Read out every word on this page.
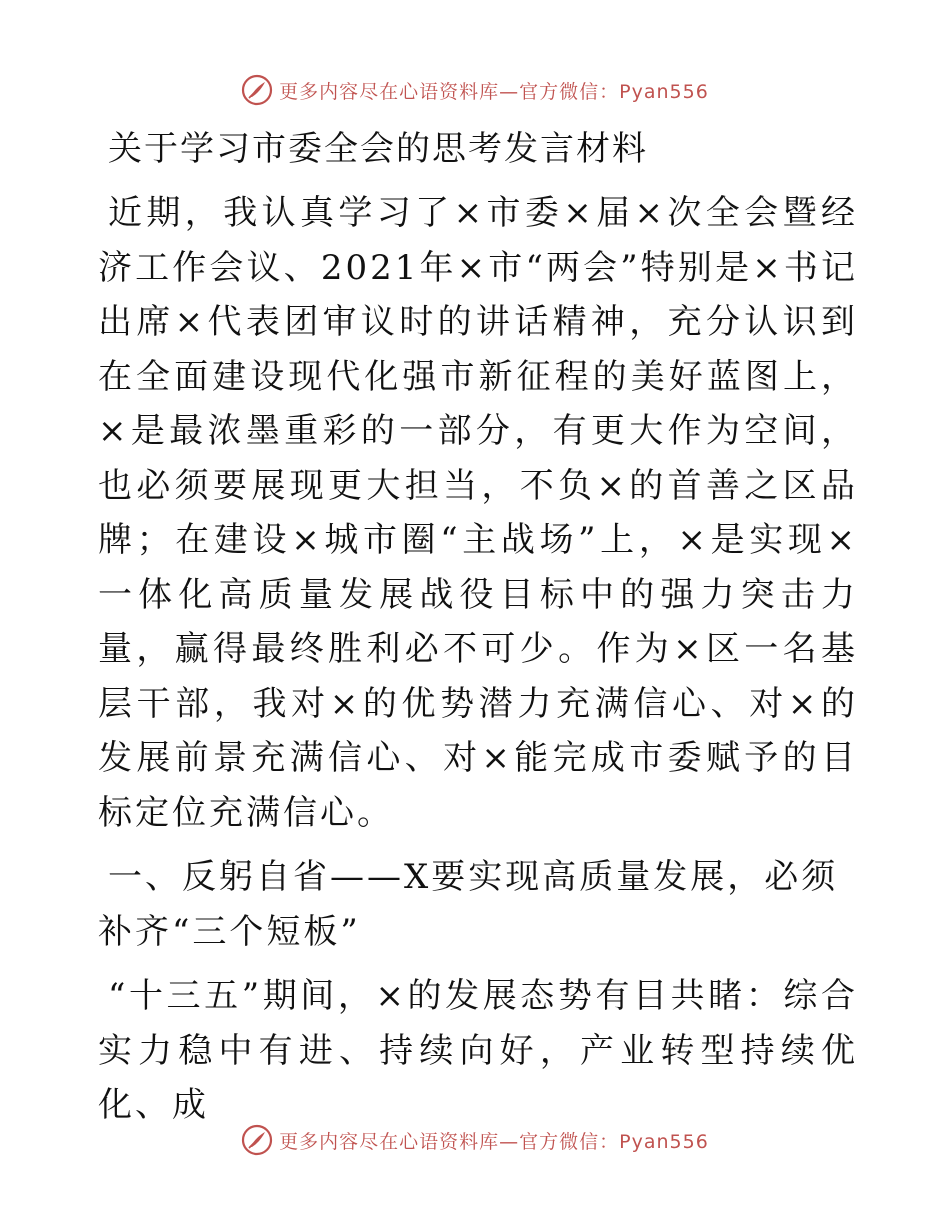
更多内容尽在心语资料库—官方微信：Pyan556
关于学习市委全会的思考发言材料

近期，我认真学习了×市委×届×次全会暨经济工作会议、2021年×市“两会”特别是×书记出席×代表团审议时的讲话精神，充分认识到在全面建设现代化强市新征程的美好蓝图上，×是最浓墨重彩的一部分，有更大作为空间，也必须要展现更大担当，不负×的首善之区品牌；在建设×城市圈“主战场”上，×是实现×一体化高质量发展战役目标中的强力突击力量，赢得最终胜利必不可少。作为×区一名基层干部，我对×的优势潜力充满信心、对×的发展前景充满信心、对×能完成市委赋予的目标定位充满信心。

一、反躬自省——X要实现高质量发展，必须补齐“三个短板”

“十三五”期间，×的发展态势有目共睹：综合实力稳中有进、持续向好，产业转型持续优化、成

更多内容尽在心语资料库—官方微信：Pyan556
